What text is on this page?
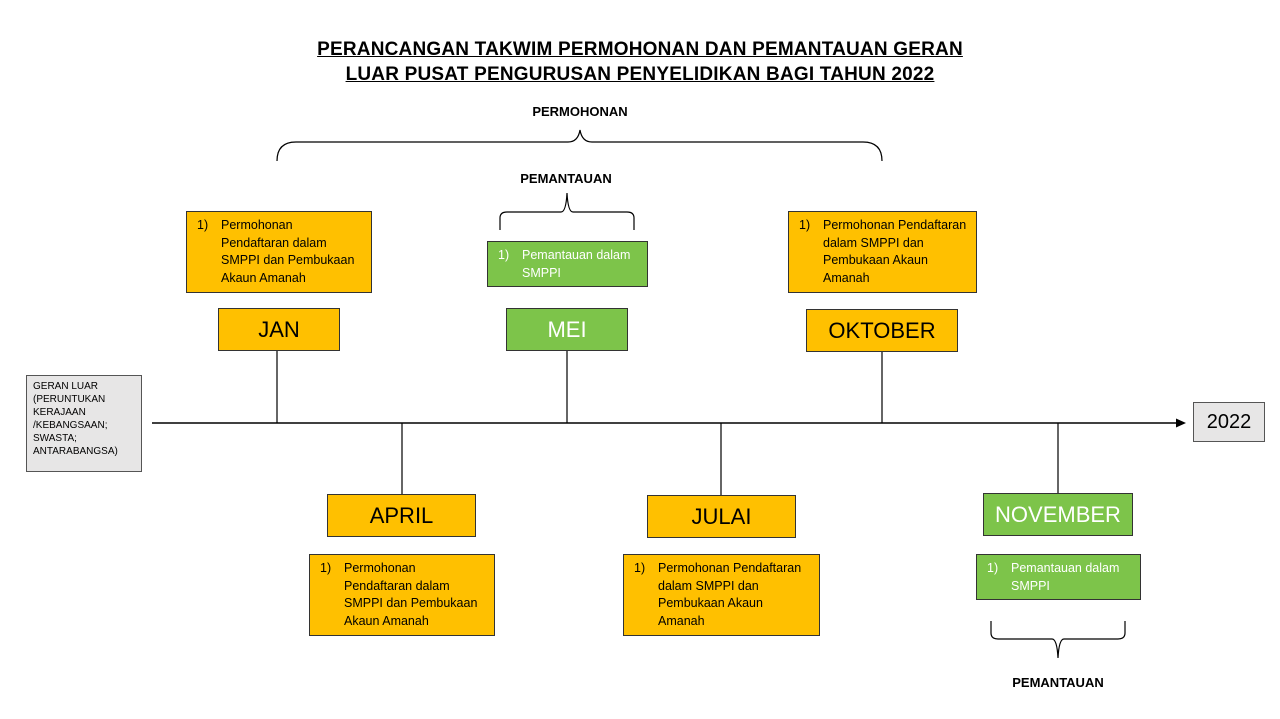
PERANCANGAN TAKWIM PERMOHONAN DAN PEMANTAUAN GERAN
LUAR PUSAT PENGURUSAN PENYELIDIKAN BAGI TAHUN 2022
PERMOHONAN
PEMANTAUAN
PEMANTAUAN
GERAN LUAR
(PERUNTUKAN
KERAJAAN
/KEBANGSAAN;
SWASTA;
ANTARABANGSA)
2022
1)	Permohonan Pendaftaran dalam SMPPI dan Pembukaan Akaun Amanah
1)	Pemantauan dalam SMPPI
1)	Permohonan Pendaftaran dalam SMPPI dan Pembukaan Akaun Amanah
JAN	MEI	OKTOBER
APRIL	JULAI	NOVEMBER
1)	Permohonan Pendaftaran dalam SMPPI dan Pembukaan Akaun Amanah
1)	Permohonan Pendaftaran dalam SMPPI dan Pembukaan Akaun Amanah
1)	Pemantauan dalam SMPPI
